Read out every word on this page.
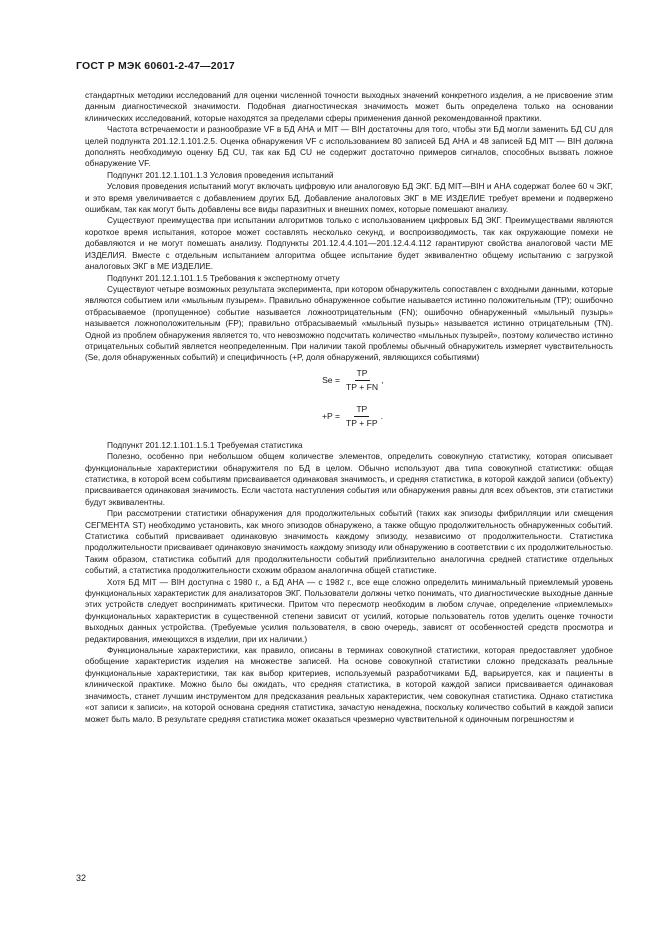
ГОСТ Р МЭК 60601-2-47—2017

стандартных методики исследований для оценки численной точности выходных значений конкретного изделия, а не присвоение этим данным диагностической значимости. Подобная диагностическая значимость может быть определена только на основании клинических исследований, которые находятся за пределами сферы применения данной рекомендованной практики.

Частота встречаемости и разнообразие VF в БД АНА и MIT — BIH достаточны для того, чтобы эти БД могли заменить БД CU для целей подпункта 201.12.1.101.2.5. Оценка обнаружения VF с использованием 80 записей БД АНА и 48 записей БД MIT — BIH должна дополнять необходимую оценку БД CU, так как БД CU не содержит достаточно примеров сигналов, способных вызвать ложное обнаружение VF.

Подпункт 201.12.1.101.1.3 Условия проведения испытаний

Условия проведения испытаний могут включать цифровую или аналоговую БД ЭКГ. БД MIT—BIH и АНА содержат более 60 ч ЭКГ, и это время увеличивается с добавлением других БД. Добавление аналоговых ЭКГ в МЕ ИЗДЕЛИЕ требует времени и подвержено ошибкам, так как могут быть добавлены все виды паразитных и внешних помех, которые помешают анализу.

Существуют преимущества при испытании алгоритмов только с использованием цифровых БД ЭКГ. Преимуществами являются короткое время испытания, которое может составлять несколько секунд, и воспроизводимость, так как окружающие помехи не добавляются и не могут помешать анализу. Подпункты 201.12.4.4.101—201.12.4.4.112 гарантируют свойства аналоговой части МЕ ИЗДЕЛИЯ. Вместе с отдельным испытанием алгоритма общее испытание будет эквивалентно общему испытанию с загрузкой аналоговых ЭКГ в МЕ ИЗДЕЛИЕ.

Подпункт 201.12.1.101.1.5 Требования к экспертному отчету

Существуют четыре возможных результата эксперимента, при котором обнаружитель сопоставлен с входными данными, которые являются событием или «мыльным пузырем». Правильно обнаруженное событие называется истинно положительным (ТР); ошибочно отбрасываемое (пропущенное) событие называется ложноотрицательным (FN); ошибочно обнаруженный «мыльный пузырь» называется ложноположительным (FP); правильно отбрасываемый «мыльный пузырь» называется истинно отрицательным (TN). Одной из проблем обнаружения является то, что невозможно подсчитать количество «мыльных пузырей», поэтому количество истинно отрицательных событий является неопределенным. При наличии такой проблемы обычный обнаружитель измеряет чувствительность (Se, доля обнаруженных событий) и специфичность (+P, доля обнаружений, являющихся событиями)

$Se = \frac{ТР}{TP + FN}$ ,
$+P = \frac{ТР}{TP + FP}$ .

Подпункт 201.12.1.101.1.5.1 Требуемая статистика

Полезно, особенно при небольшом общем количестве элементов, определить совокупную статистику, которая описывает функциональные характеристики обнаружителя по БД в целом. Обычно используют два типа совокупной статистики: общая статистика, в которой всем событиям присваивается одинаковая значимость, и средняя статистика, в которой каждой записи (объекту) присваивается одинаковая значимость. Если частота наступления события или обнаружения равны для всех объектов, эти статистики будут эквивалентны.

При рассмотрении статистики обнаружения для продолжительных событий (таких как эпизоды фибрилляции или смещения СЕГМЕНТА ST) необходимо установить, как много эпизодов обнаружено, а также общую продолжительность обнаруженных событий. Статистика событий присваивает одинаковую значимость каждому эпизоду, независимо от продолжительности. Статистика продолжительности присваивает одинаковую значимость каждому эпизоду или обнаружению в соответствии с их продолжительностью. Таким образом, статистика событий для продолжительности событий приблизительно аналогична средней статистике отдельных событий, а статистика продолжительности схожим образом аналогична общей статистике.

Хотя БД MIT — BIH доступна с 1980 г., а БД АНА — с 1982 г., все еще сложно определить минимальный приемлемый уровень функциональных характеристик для анализаторов ЭКГ. Пользователи должны четко понимать, что диагностические выходные данные этих устройств следует воспринимать критически. Притом что пересмотр необходим в любом случае, определение «приемлемых» функциональных характеристик в существенной степени зависит от усилий, которые пользователь готов уделить оценке точности выходных данных устройства. (Требуемые усилия пользователя, в свою очередь, зависят от особенностей средств просмотра и редактирования, имеющихся в изделии, при их наличии.)

Функциональные характеристики, как правило, описаны в терминах совокупной статистики, которая предоставляет удобное обобщение характеристик изделия на множестве записей. На основе совокупной статистики сложно предсказать реальные функциональные характеристики, так как выбор критериев, используемый разработчиками БД, варьируется, как и пациенты в клинической практике. Можно было бы ожидать, что средняя статистика, в которой каждой записи присваивается одинаковая значимость, станет лучшим инструментом для предсказания реальных характеристик, чем совокупная статистика. Однако статистика «от записи к записи», на которой основана средняя статистика, зачастую ненадежна, поскольку количество событий в каждой записи может быть мало. В результате средняя статистика может оказаться чрезмерно чувствительной к одиночным погрешностям и

32
